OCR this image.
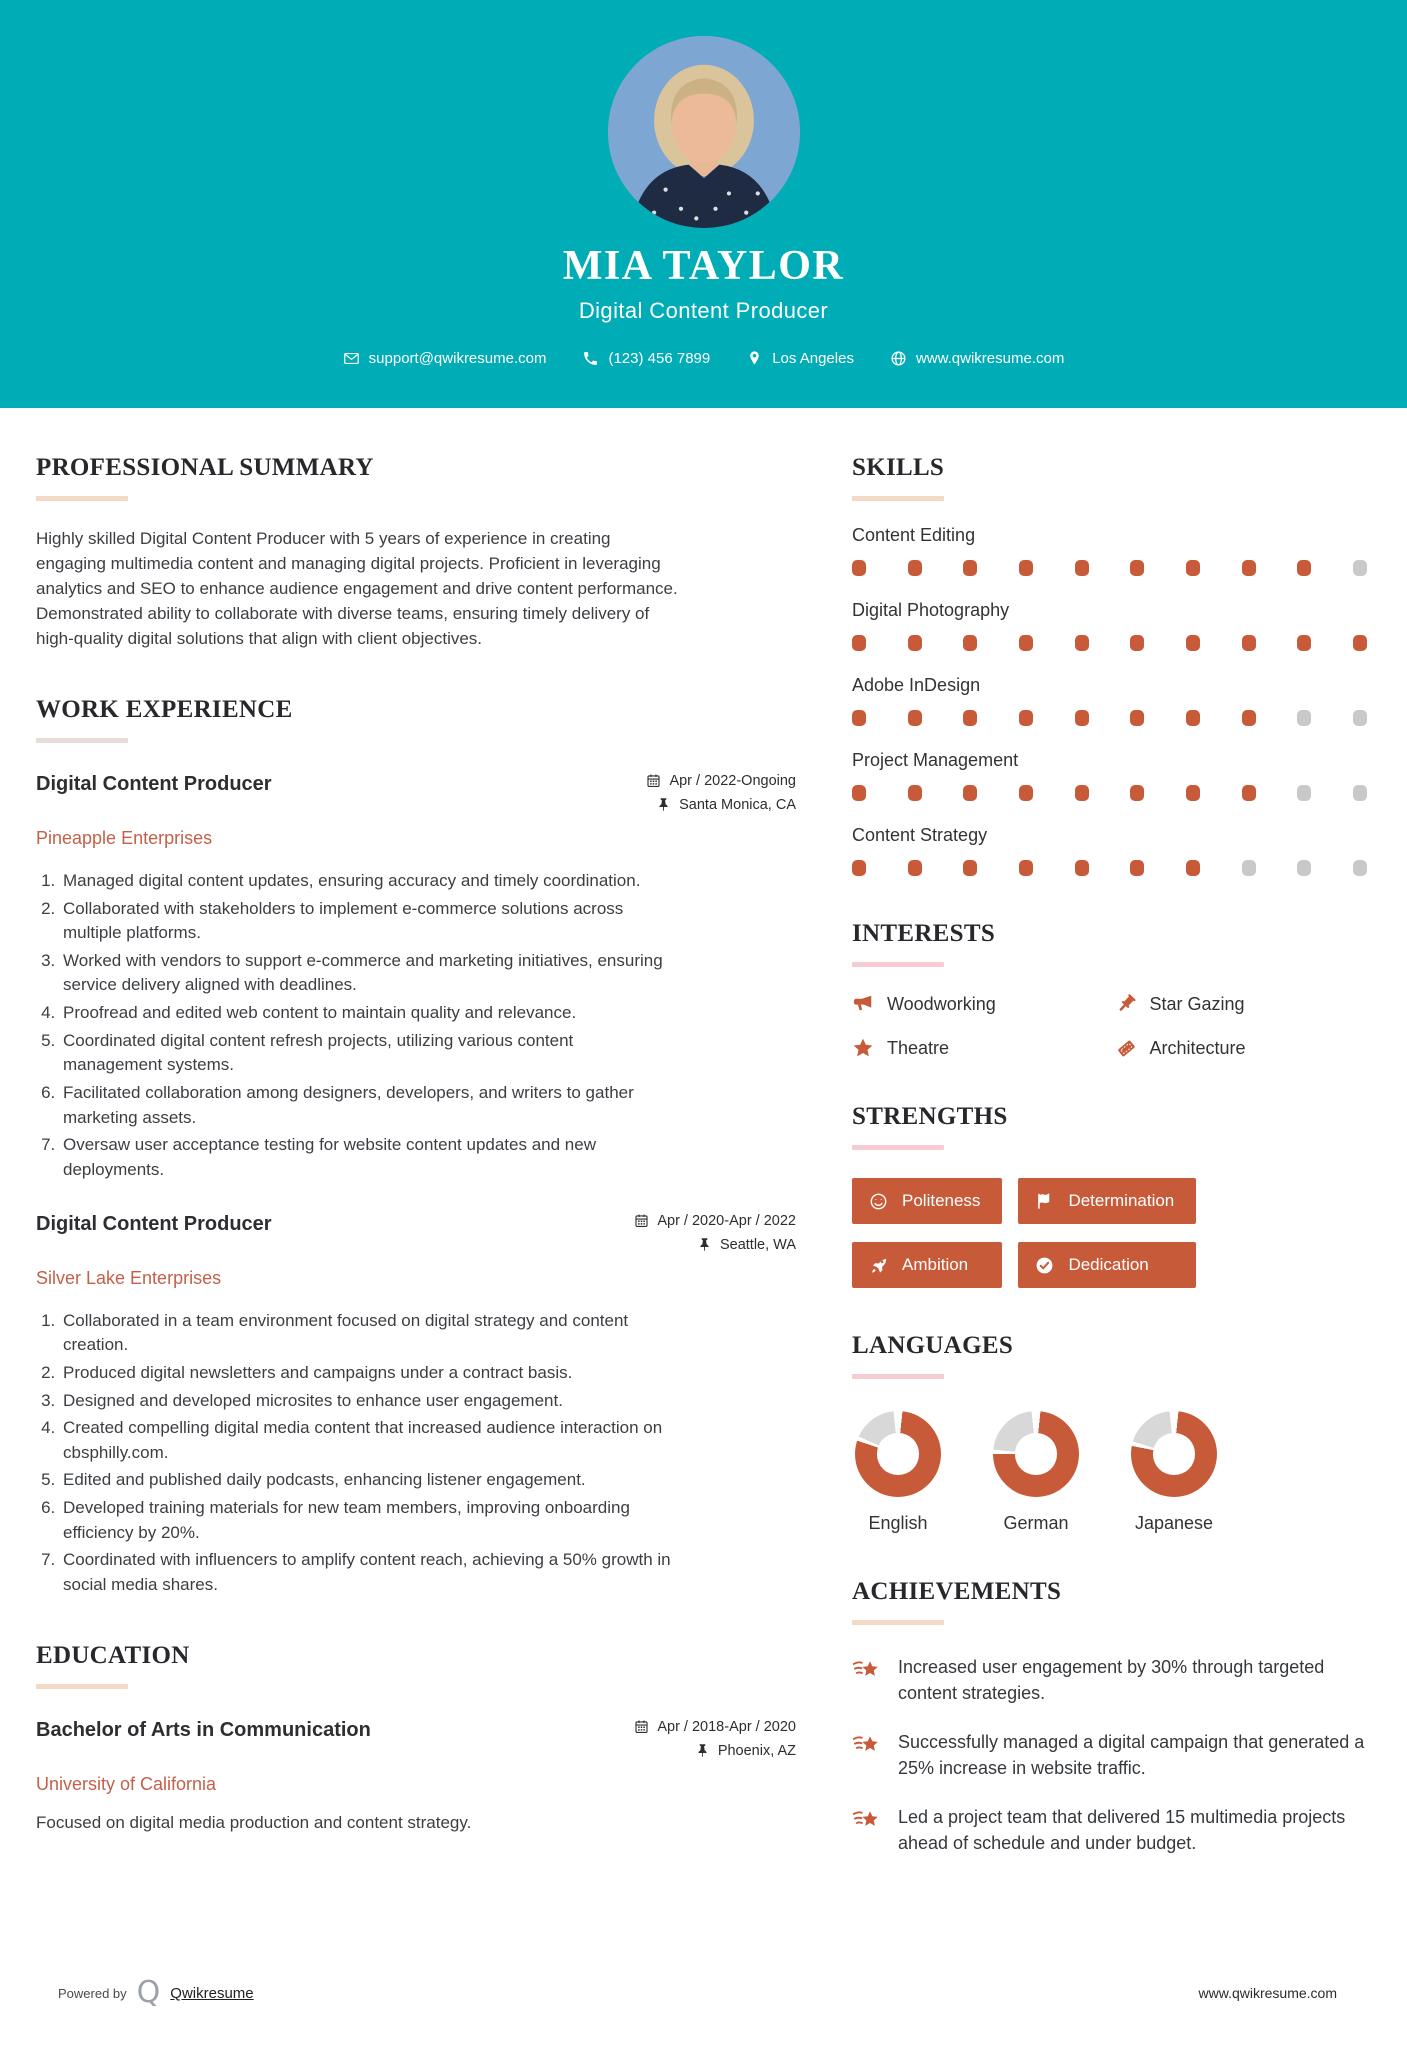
MIA TAYLOR
Digital Content Producer
support@qwikresume.com	(123) 456 7899	Los Angeles	www.qwikresume.com
PROFESSIONAL SUMMARY

Highly skilled Digital Content Producer with 5 years of experience in creating engaging multimedia content and managing digital projects. Proficient in leveraging analytics and SEO to enhance audience engagement and drive content performance. Demonstrated ability to collaborate with diverse teams, ensuring timely delivery of high-quality digital solutions that align with client objectives.

WORK EXPERIENCE
Digital Content Producer	Apr / 2022-Ongoing
Santa Monica, CA
Pineapple Enterprises
1. Managed digital content updates, ensuring accuracy and timely coordination.
2. Collaborated with stakeholders to implement e-commerce solutions across multiple platforms.
3. Worked with vendors to support e-commerce and marketing initiatives, ensuring service delivery aligned with deadlines.
4. Proofread and edited web content to maintain quality and relevance.
5. Coordinated digital content refresh projects, utilizing various content management systems.
6. Facilitated collaboration among designers, developers, and writers to gather marketing assets.
7. Oversaw user acceptance testing for website content updates and new deployments.
Digital Content Producer	Apr / 2020-Apr / 2022
Seattle, WA
Silver Lake Enterprises
1. Collaborated in a team environment focused on digital strategy and content creation.
2. Produced digital newsletters and campaigns under a contract basis.
3. Designed and developed microsites to enhance user engagement.
4. Created compelling digital media content that increased audience interaction on cbsphilly.com.
5. Edited and published daily podcasts, enhancing listener engagement.
6. Developed training materials for new team members, improving onboarding efficiency by 20%.
7. Coordinated with influencers to amplify content reach, achieving a 50% growth in social media shares.
EDUCATION
Bachelor of Arts in Communication	Apr / 2018-Apr / 2020
Phoenix, AZ
University of California

Focused on digital media production and content strategy.

SKILLS
Content Editing
Digital Photography
Adobe InDesign
Project Management
Content Strategy
INTERESTS
Woodworking	Star Gazing
Theatre	Architecture
STRENGTHS
Politeness	Determination
Ambition	Dedication
LANGUAGES
English	German	Japanese
ACHIEVEMENTS
Increased user engagement by 30% through targeted content strategies.
Successfully managed a digital campaign that generated a 25% increase in website traffic.
Led a project team that delivered 15 multimedia projects ahead of schedule and under budget.
Powered by Q Qwikresume	www.qwikresume.com
